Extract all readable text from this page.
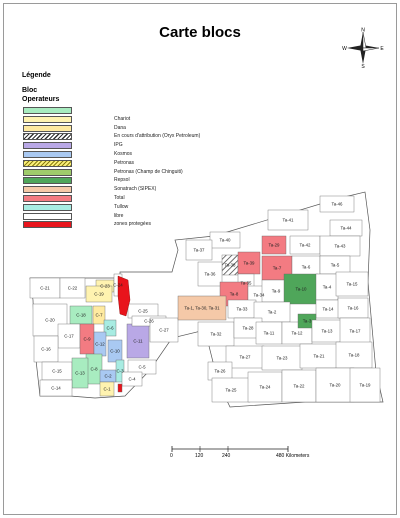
Carte blocs	N
E
S
W
Légende
Bloc
Operateurs
Chariot
Dana
En cours d'attribution (Oryx Petroleum)
IPG
Kosmos
Petronas
Petronas (Champ de Chinguiti)
Repsol
Sonatrach (SIPEX)
Total
Tullow
libre
zones protegées
C-21	C-22	C-23
C-19
C-24
C-20
C-18 C-7
C-17
C-9
C-6
C-12
C-11
C-10
C-16
C-8
C-15	C-13
C-2
C-14
C-3
C-1
C-25
C-26
C-27
C-5
C-4
Ta-46
Ta-41
Ta-44
Ta-40
Ta-29	Ta-42	Ta-43
Ta-37
Ta-38 Ta-39
Ta-7	Ta-6	Ta-5
Ta-36
Ta-35
Ta-8	Ta-34
Ta-9	Ta-10	Ta-4
Ta-15
Ta-1, Ta-30, Ta-31	Ta-33
Ta-2
Ta-14	Ta-16
Ta-32
Ta-28
Ta-11	Ta-12
Ta-3
Ta-13	Ta-17
Ta-27	Ta-23	Ta-21	Ta-18
Ta-26
Ta-25
Ta-24	Ta-22	Ta-20	Ta-19
0	120	240	480 Kilometers
